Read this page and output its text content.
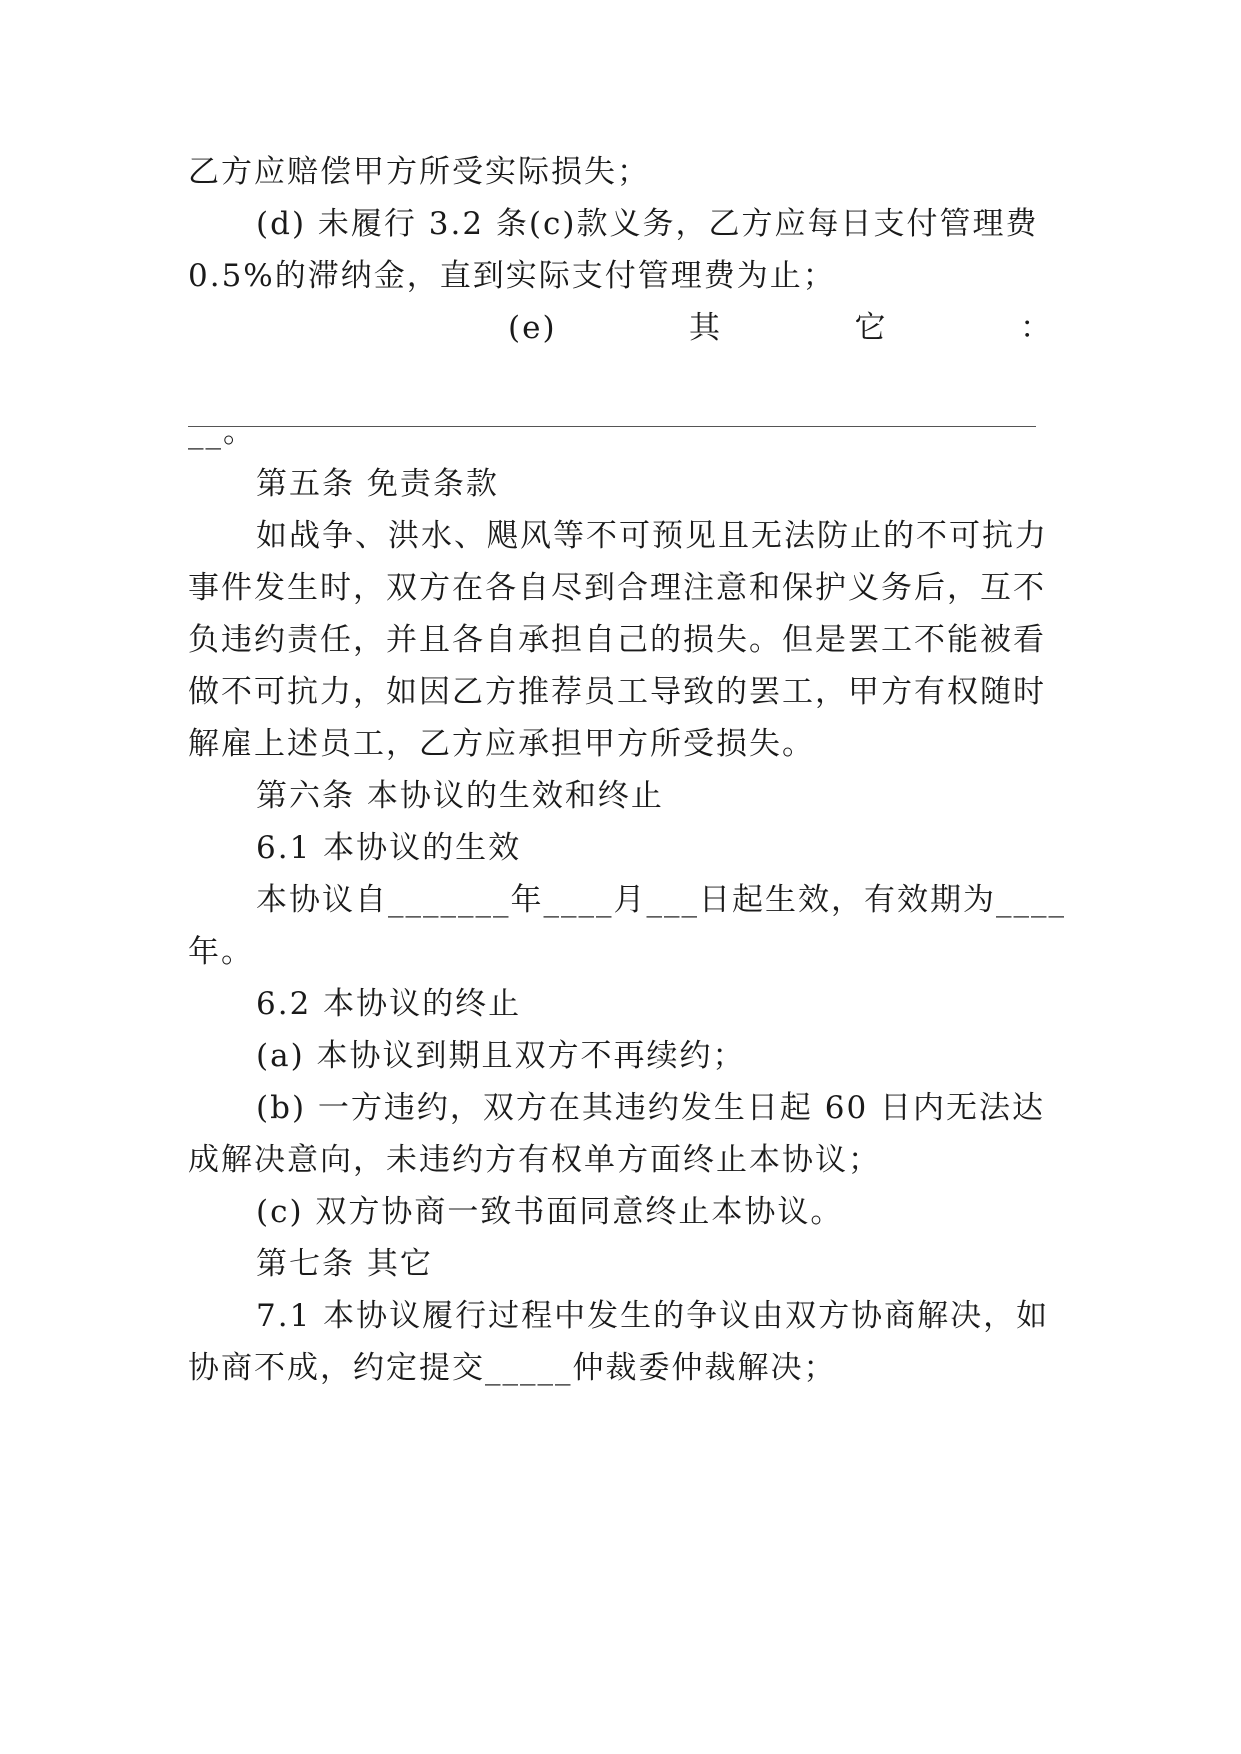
乙方应赔偿甲方所受实际损失；
(d) 未履行 3.2 条(c)款义务，乙方应每日支付管理费
0.5%的滞纳金，直到实际支付管理费为止；
(e)	其	它	：
__。
第五条 免责条款
如战争、洪水、飓风等不可预见且无法防止的不可抗力
事件发生时，双方在各自尽到合理注意和保护义务后，互不
负违约责任，并且各自承担自己的损失。但是罢工不能被看
做不可抗力，如因乙方推荐员工导致的罢工，甲方有权随时
解雇上述员工，乙方应承担甲方所受损失。
第六条 本协议的生效和终止
6.1 本协议的生效
本协议自_______年____月___日起生效，有效期为____
年。
6.2 本协议的终止
(a) 本协议到期且双方不再续约；
(b) 一方违约，双方在其违约发生日起 60 日内无法达
成解决意向，未违约方有权单方面终止本协议；
(c) 双方协商一致书面同意终止本协议。
第七条 其它
7.1 本协议履行过程中发生的争议由双方协商解决，如
协商不成，约定提交_____仲裁委仲裁解决；
